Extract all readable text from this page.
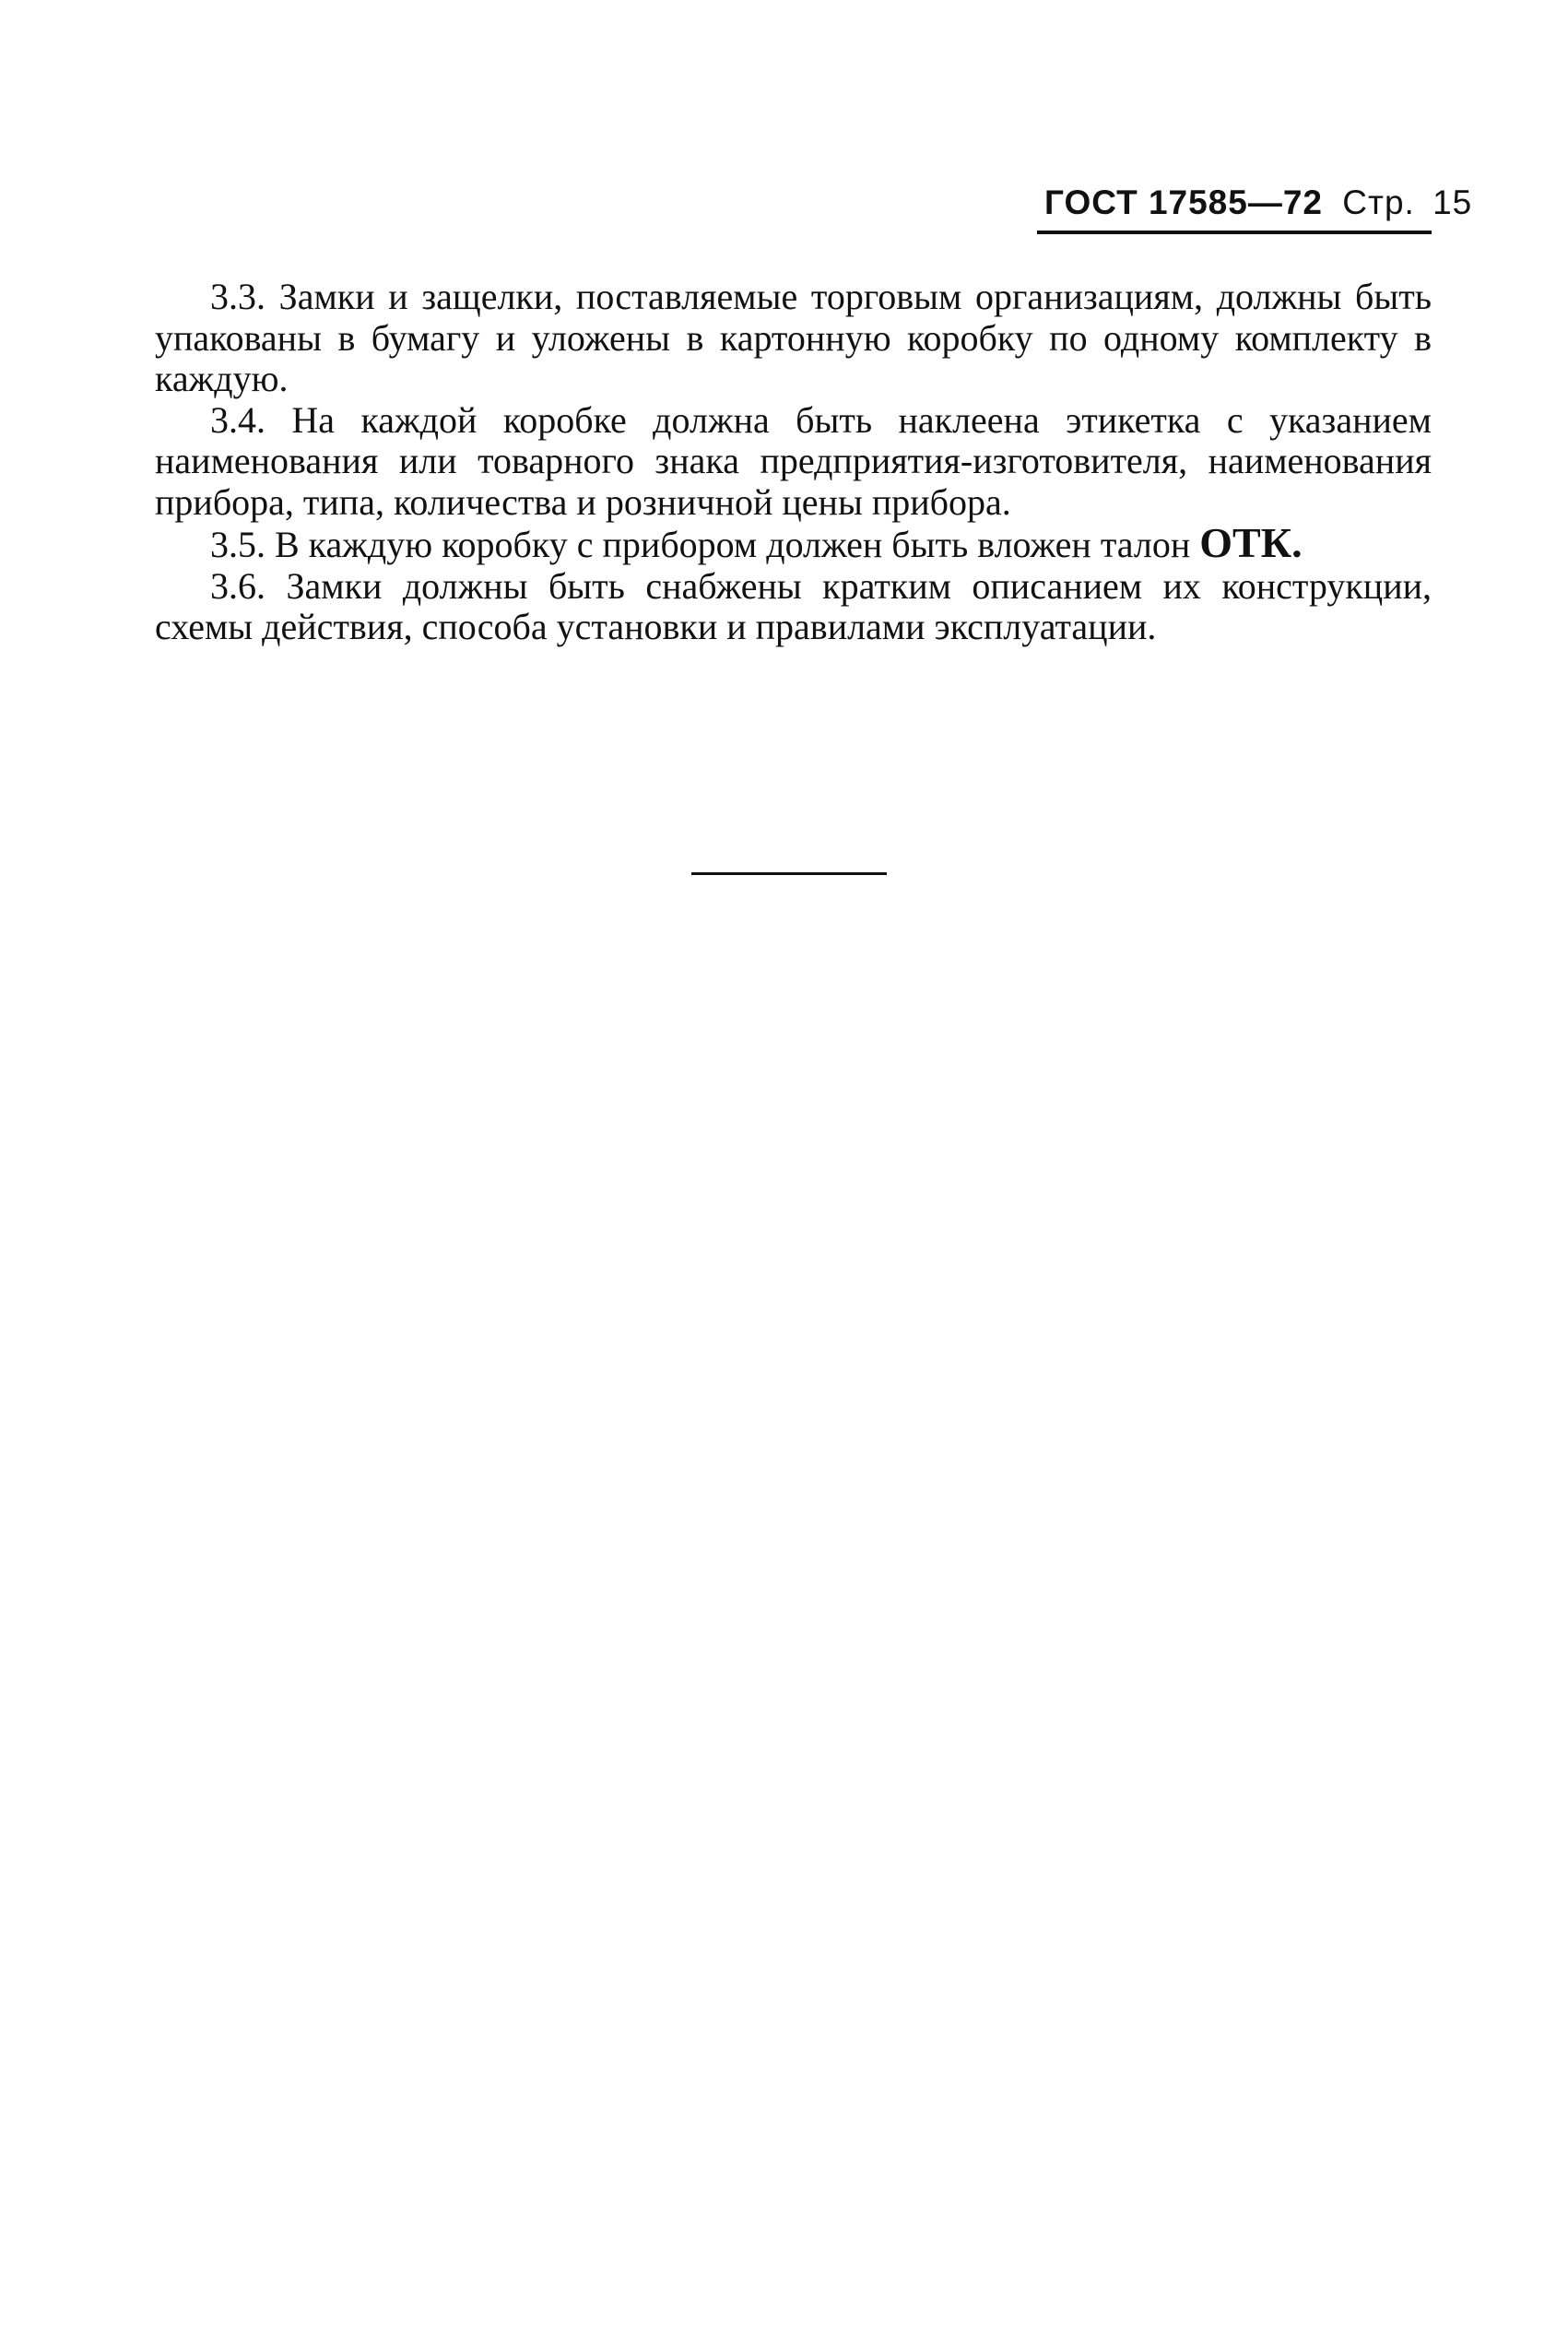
ГОСТ 17585—72 Стр. 15

3.3. Замки и защелки, поставляемые торговым организациям, должны быть упакованы в бумагу и уложены в картонную коробку по одному комплекту в каждую.

3.4. На каждой коробке должна быть наклеена этикетка с указанием наименования или товарного знака предприятия-изготовителя, наименования прибора, типа, количества и розничной цены прибора.

3.5. В каждую коробку с прибором должен быть вложен талон ОТК.

3.6. Замки должны быть снабжены кратким описанием их конструкции, схемы действия, способа установки и правилами эксплуатации.
